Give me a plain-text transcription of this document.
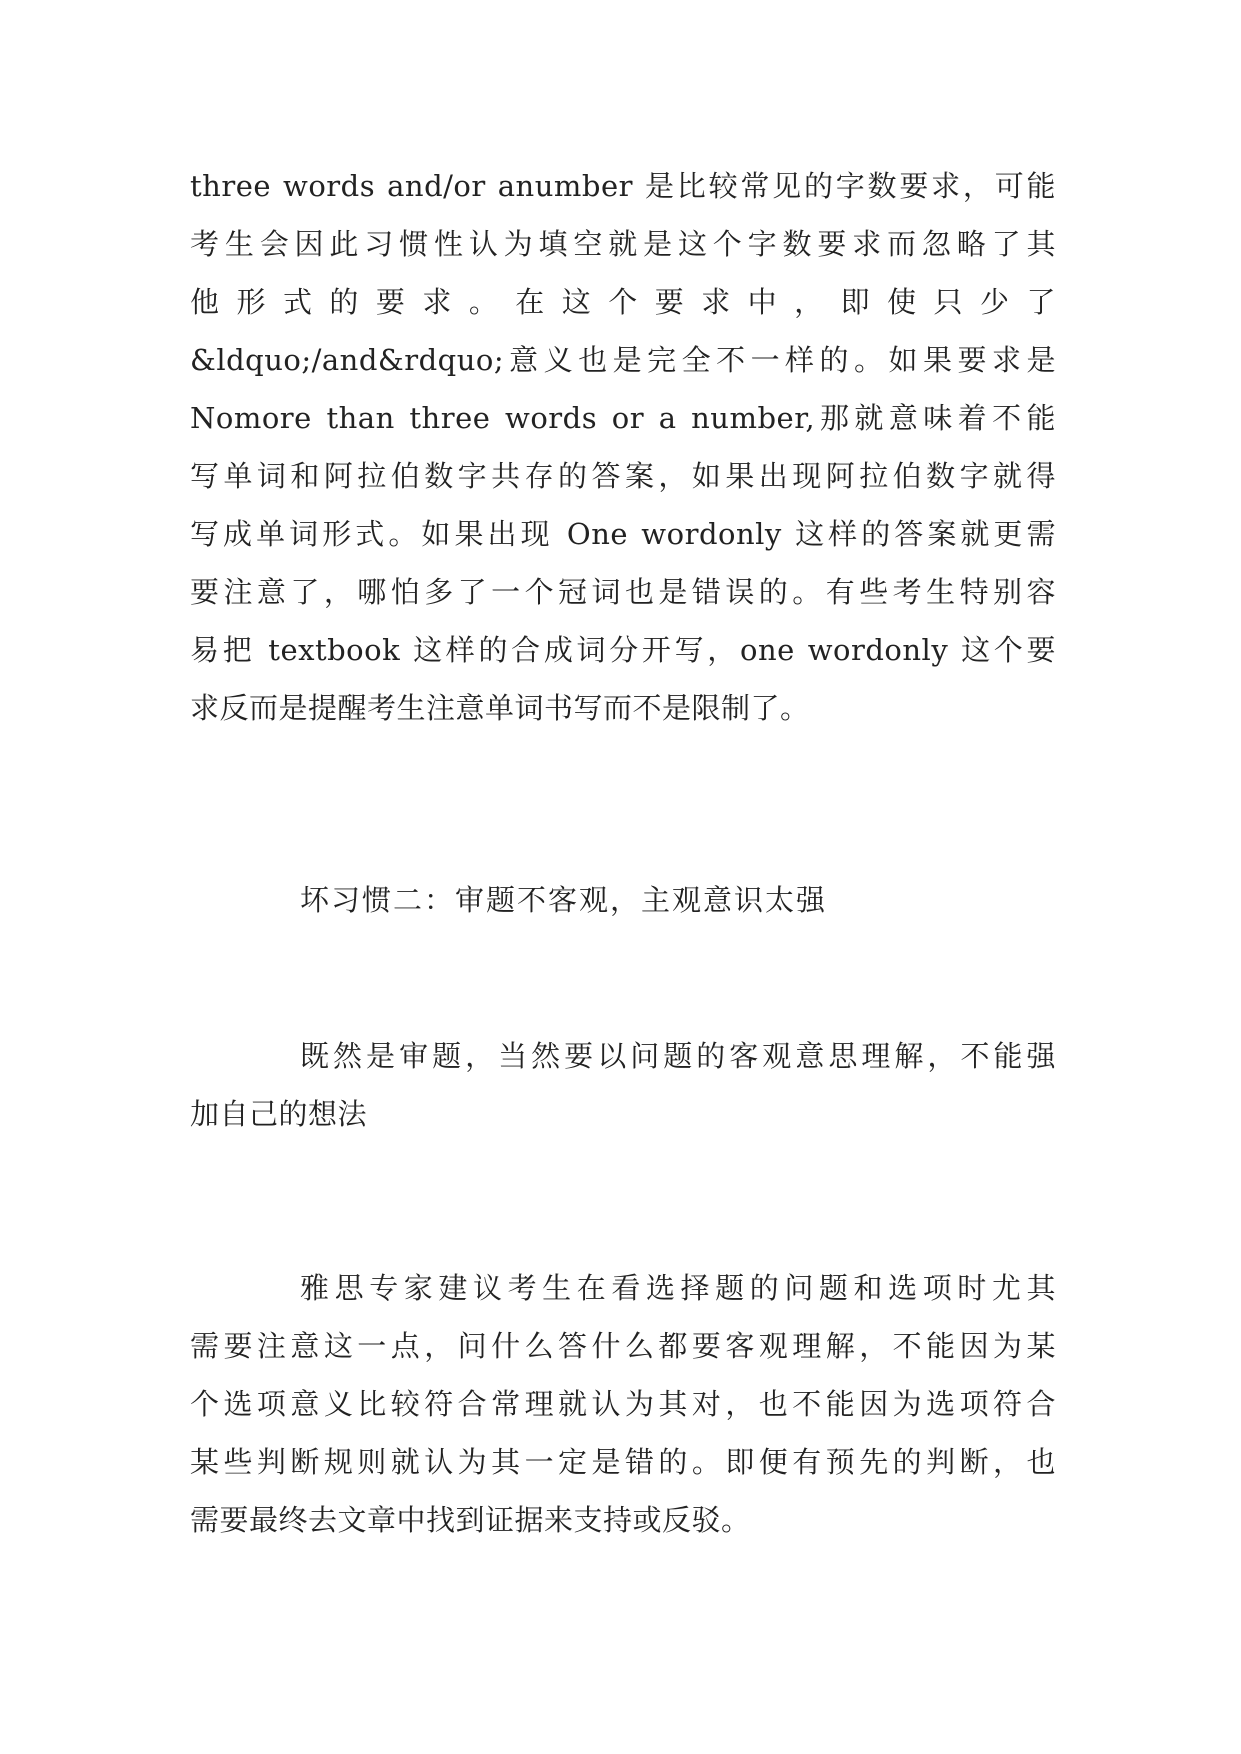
three words and/or anumber 是比较常见的字数要求，可能
考生会因此习惯性认为填空就是这个字数要求而忽略了其
他 形 式 的 要 求 。 在 这 个 要 求 中 ， 即 使 只 少 了
&ldquo;/and&rdquo;意义也是完全不一样的。如果要求是
Nomore than three words or a number,那就意味着不能
写单词和阿拉伯数字共存的答案，如果出现阿拉伯数字就得
写成单词形式。如果出现 One wordonly 这样的答案就更需
要注意了，哪怕多了一个冠词也是错误的。有些考生特别容
易把 textbook 这样的合成词分开写，one wordonly 这个要
求反而是提醒考生注意单词书写而不是限制了。
坏习惯二：审题不客观，主观意识太强
既然是审题，当然要以问题的客观意思理解，不能强
加自己的想法
雅思专家建议考生在看选择题的问题和选项时尤其
需要注意这一点，问什么答什么都要客观理解，不能因为某
个选项意义比较符合常理就认为其对，也不能因为选项符合
某些判断规则就认为其一定是错的。即便有预先的判断，也
需要最终去文章中找到证据来支持或反驳。
